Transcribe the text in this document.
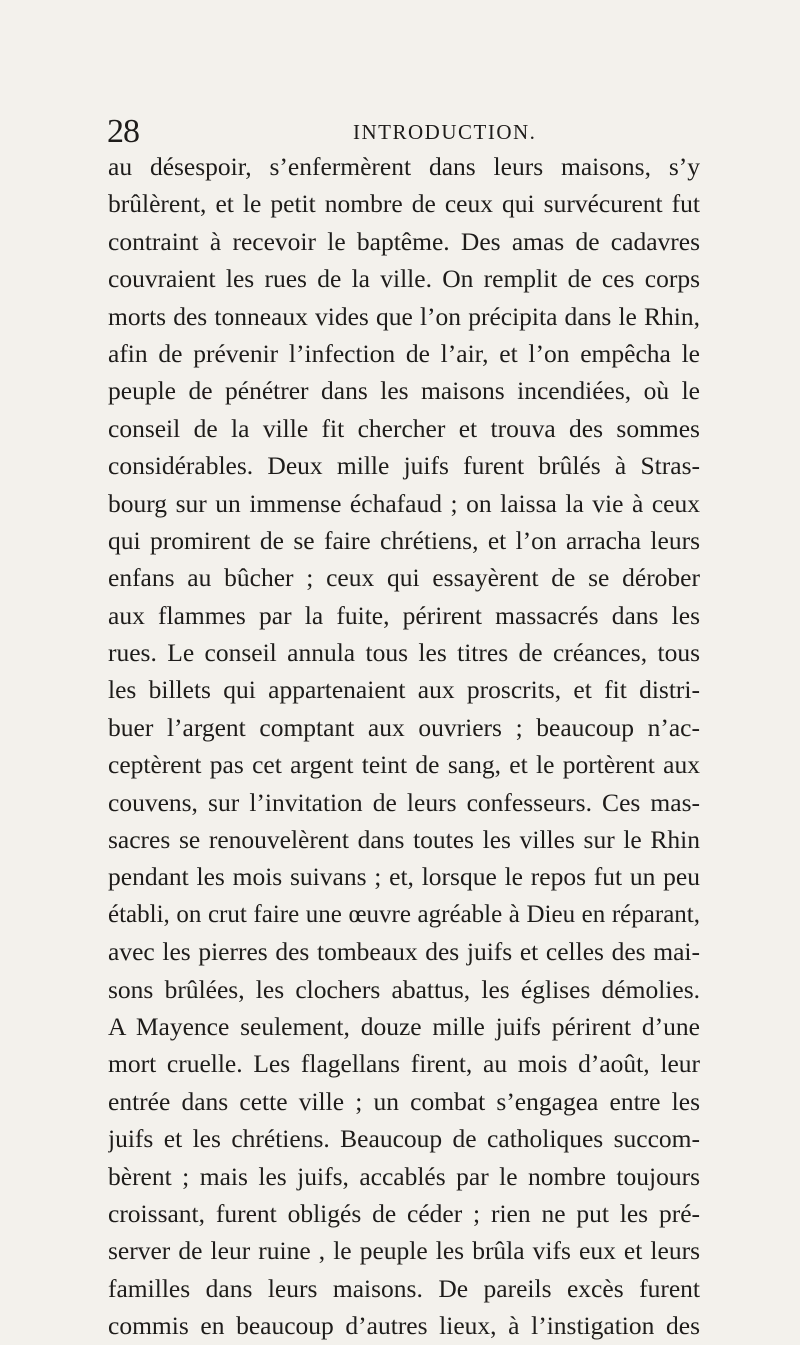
28	INTRODUCTION.
au désespoir, s’enfermèrent dans leurs maisons, s’y
brûlèrent, et le petit nombre de ceux qui survécurent fut
contraint à recevoir le baptême. Des amas de cadavres
couvraient les rues de la ville. On remplit de ces corps
morts des tonneaux vides que l’on précipita dans le Rhin,
afin de prévenir l’infection de l’air, et l’on empêcha le
peuple de pénétrer dans les maisons incendiées, où le
conseil de la ville fit chercher et trouva des sommes
considérables. Deux mille juifs furent brûlés à Stras-
bourg sur un immense échafaud ; on laissa la vie à ceux
qui promirent de se faire chrétiens, et l’on arracha leurs
enfans au bûcher ; ceux qui essayèrent de se dérober
aux flammes par la fuite, périrent massacrés dans les
rues. Le conseil annula tous les titres de créances, tous
les billets qui appartenaient aux proscrits, et fit distri-
buer l’argent comptant aux ouvriers ; beaucoup n’ac-
ceptèrent pas cet argent teint de sang, et le portèrent aux
couvens, sur l’invitation de leurs confesseurs. Ces mas-
sacres se renouvelèrent dans toutes les villes sur le Rhin
pendant les mois suivans ; et, lorsque le repos fut un peu
établi, on crut faire une œuvre agréable à Dieu en réparant,
avec les pierres des tombeaux des juifs et celles des mai-
sons brûlées, les clochers abattus, les églises démolies.
A Mayence seulement, douze mille juifs périrent d’une
mort cruelle. Les flagellans firent, au mois d’août, leur
entrée dans cette ville ; un combat s’engagea entre les
juifs et les chrétiens. Beaucoup de catholiques succom-
bèrent ; mais les juifs, accablés par le nombre toujours
croissant, furent obligés de céder ; rien ne put les pré-
server de leur ruine , le peuple les brûla vifs eux et leurs
familles dans leurs maisons. De pareils excès furent
commis en beaucoup d’autres lieux, à l’instigation des
